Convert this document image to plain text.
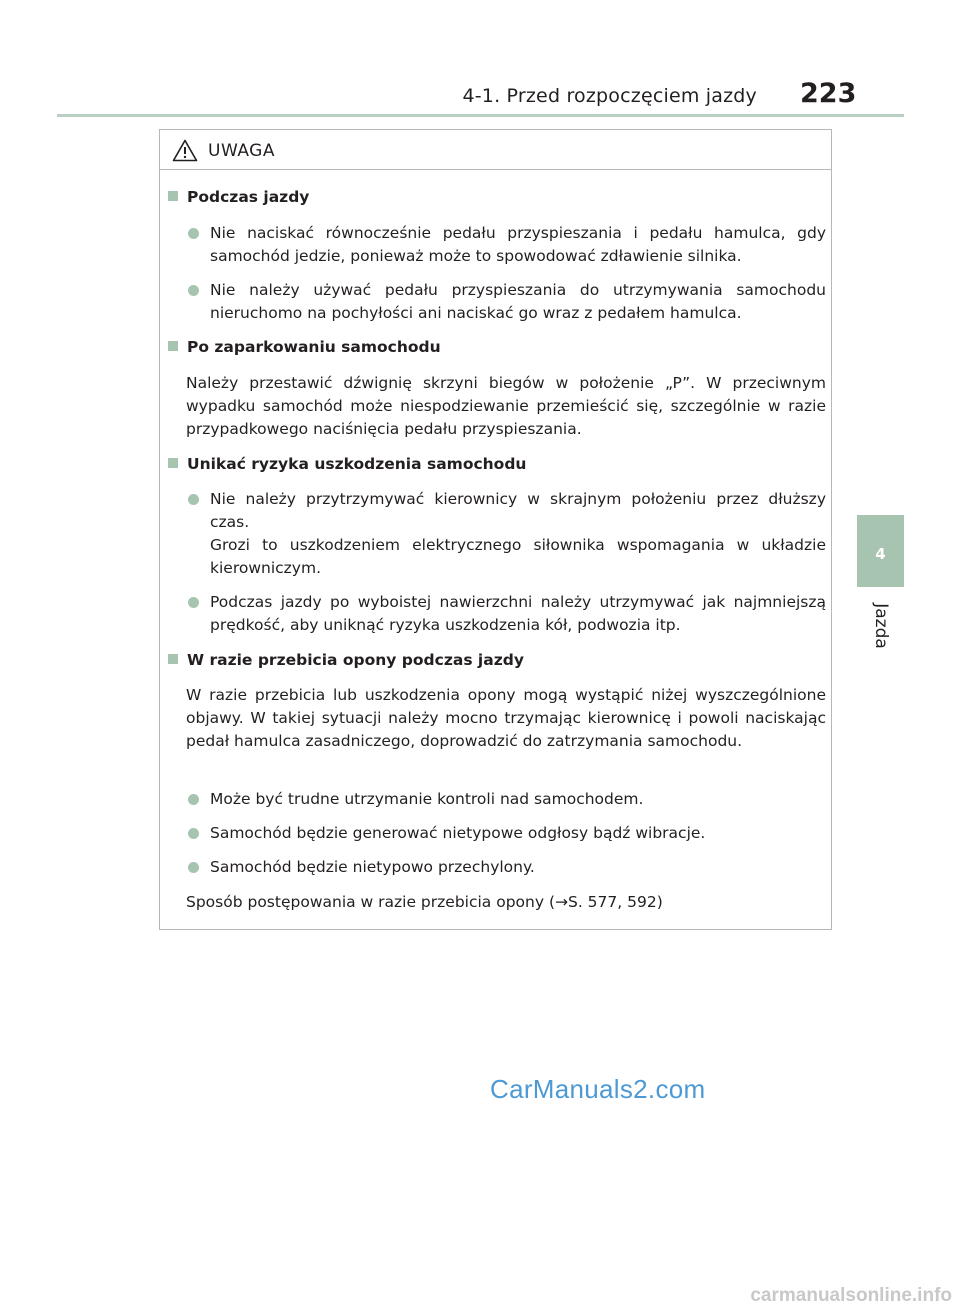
4-1. Przed rozpoczęciem jazdy 223
4
Jazda
UWAGA
Podczas jazdy

Nie naciskać równocześnie pedału przyspieszania i pedału hamulca, gdy samochód jedzie, ponieważ może to spowodować zdławienie silnika.

Nie należy używać pedału przyspieszania do utrzymywania samochodu nieruchomo na pochyłości ani naciskać go wraz z pedałem hamulca.

Po zaparkowaniu samochodu
Należy przestawić dźwignię skrzyni biegów w położenie „P”. W przeciwnym wypadku samochód może niespodziewanie przemieścić się, szczególnie w razie przypadkowego naciśnięcia pedału przyspieszania.
Unikać ryzyka uszkodzenia samochodu

Nie należy przytrzymywać kierownicy w skrajnym położeniu przez dłuższy czas.

Grozi to uszkodzeniem elektrycznego siłownika wspomagania w układzie kierowniczym.

Podczas jazdy po wyboistej nawierzchni należy utrzymywać jak najmniejszą prędkość, aby uniknąć ryzyka uszkodzenia kół, podwozia itp.

W razie przebicia opony podczas jazdy
W razie przebicia lub uszkodzenia opony mogą wystąpić niżej wyszczególnione objawy. W takiej sytuacji należy mocno trzymając kierownicę i powoli naciskając pedał hamulca zasadniczego, doprowadzić do zatrzymania samochodu.

Może być trudne utrzymanie kontroli nad samochodem.

Samochód będzie generować nietypowe odgłosy bądź wibracje.

Samochód będzie nietypowo przechylony.

Sposób postępowania w razie przebicia opony (→S. 577, 592)
CarManuals2.com
carmanualsonline.info
